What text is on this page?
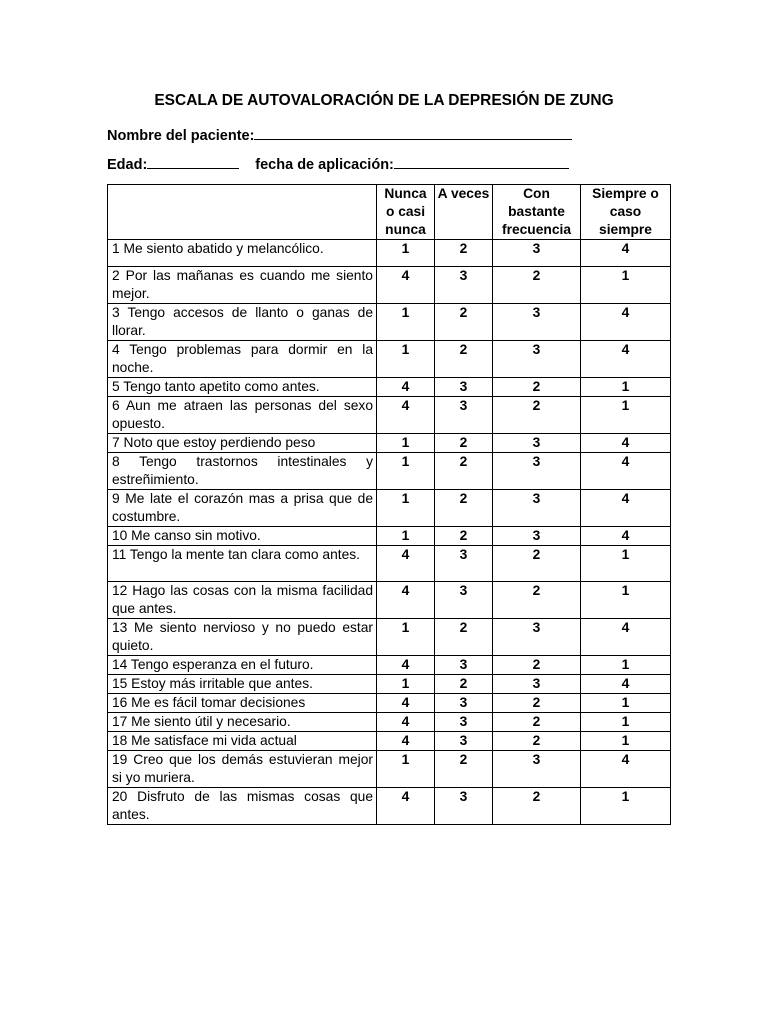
ESCALA DE AUTOVALORACIÓN DE LA DEPRESIÓN DE ZUNG
Nombre del paciente:
Edad:	fecha de aplicación:
	Nunca o casi nunca	A veces	Con bastante frecuencia	Siempre o caso siempre
1 Me siento abatido y melancólico.	1	2	3	4
2 Por las mañanas es cuando me siento mejor.	4	3	2	1
3 Tengo accesos de llanto o ganas de llorar.	1	2	3	4
4 Tengo problemas para dormir en la noche.	1	2	3	4
5 Tengo tanto apetito como antes.	4	3	2	1
6 Aun me atraen las personas del sexo opuesto.	4	3	2	1
7 Noto que estoy perdiendo peso	1	2	3	4
8 Tengo trastornos intestinales y estreñimiento.	1	2	3	4
9 Me late el corazón mas a prisa que de costumbre.	1	2	3	4
10 Me canso sin motivo.	1	2	3	4
11 Tengo la mente tan clara como antes.	4	3	2	1
12 Hago las cosas con la misma facilidad que antes.	4	3	2	1
13 Me siento nervioso y no puedo estar quieto.	1	2	3	4
14 Tengo esperanza en el futuro.	4	3	2	1
15 Estoy más irritable que antes.	1	2	3	4
16 Me es fácil tomar decisiones	4	3	2	1
17 Me siento útil y necesario.	4	3	2	1
18 Me satisface mi vida actual	4	3	2	1
19 Creo que los demás estuvieran mejor si yo muriera.	1	2	3	4
20 Disfruto de las mismas cosas que antes.	4	3	2	1
